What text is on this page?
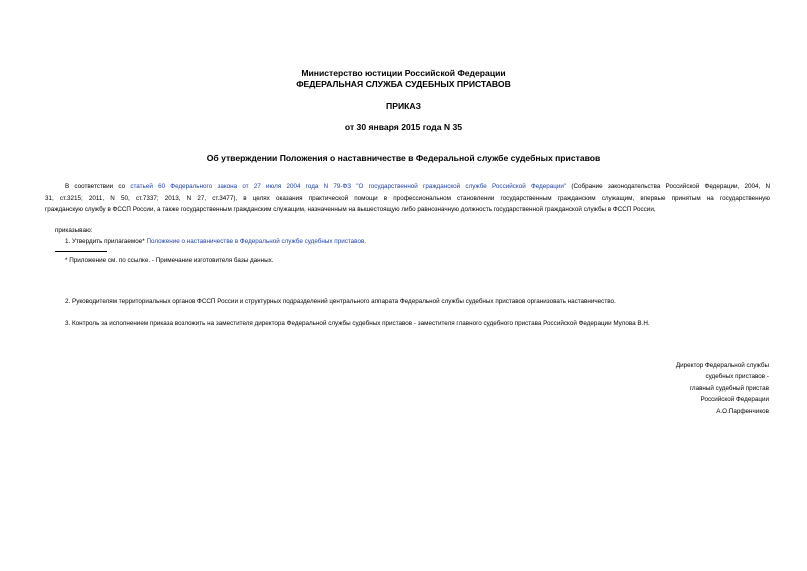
Министерство юстиции Российской Федерации
ФЕДЕРАЛЬНАЯ СЛУЖБА СУДЕБНЫХ ПРИСТАВОВ
ПРИКАЗ
от 30 января 2015 года N 35
Об утверждении Положения о наставничестве в Федеральной службе судебных приставов
В соответствии со статьей 60 Федерального закона от 27 июля 2004 года N 79-ФЗ "О государственной гражданской службе Российской Федерации" (Собрание законодательства Российской Федерации, 2004, N
31, ст.3215; 2011, N 50, ст.7337; 2013, N 27, ст.3477), в целях оказания практической помощи в профессиональном становлении государственным гражданским служащим, впервые принятым на государственную
гражданскую службу в ФССП России, а также государственным гражданским служащим, назначенным на вышестоящую либо равнозначную должность государственной гражданской службы в ФССП России,
приказываю:
1. Утвердить прилагаемое* Положение о наставничестве в Федеральной службе судебных приставов.
* Приложение см. по ссылке. - Примечание изготовителя базы данных.
2. Руководителям территориальных органов ФССП России и структурных подразделений центрального аппарата Федеральной службы судебных приставов организовать наставничество.
3. Контроль за исполнением приказа возложить на заместителя директора Федеральной службы судебных приставов - заместителя главного судебного пристава Российской Федерации Мулова В.Н.
Директор Федеральной службы
судебных приставов -
главный судебный пристав
Российской Федерации
А.О.Парфенчиков
